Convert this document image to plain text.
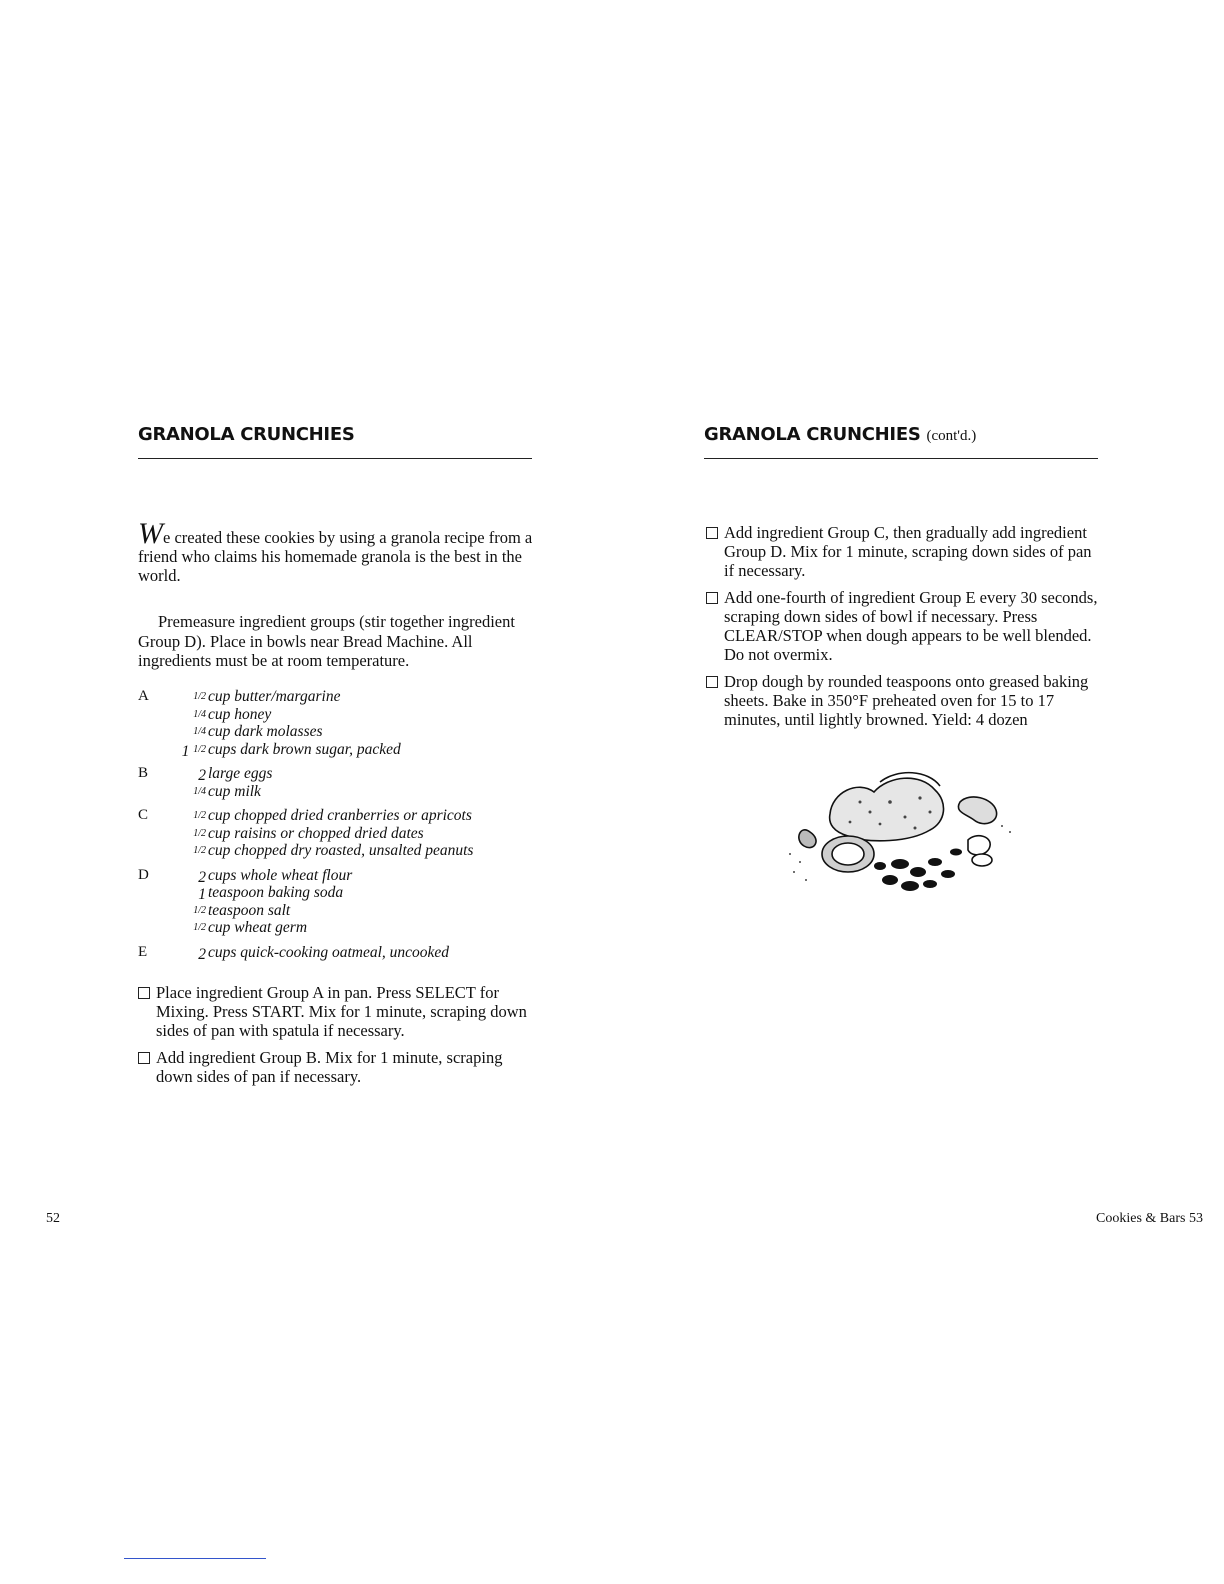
GRANOLA CRUNCHIES
We created these cookies by using a granola recipe from a friend who claims his homemade granola is the best in the world.
Premeasure ingredient groups (stir together ingredient Group D). Place in bowls near Bread Machine. All ingredients must be at room temperature.
A	$^{1/2}$ cup butter/margarine
$^{1/4}$ cup honey
$^{1/4}$ cup dark molasses
1 $^{1/2}$ cups dark brown sugar, packed
B	2 large eggs
$^{1/4}$ cup milk
C	$^{1/2}$ cup chopped dried cranberries or apricots
$^{1/2}$ cup raisins or chopped dried dates
$^{1/2}$ cup chopped dry roasted, unsalted peanuts
D	2 cups whole wheat flour
1 teaspoon baking soda
$^{1/2}$ teaspoon salt
$^{1/2}$ cup wheat germ
E	2 cups quick-cooking oatmeal, uncooked
Place ingredient Group A in pan. Press SELECT for Mixing. Press START. Mix for 1 minute, scraping down sides of pan with spatula if necessary.
Add ingredient Group B. Mix for 1 minute, scraping down sides of pan if necessary.
GRANOLA CRUNCHIES (cont'd.)
Add ingredient Group C, then gradually add ingredient Group D. Mix for 1 minute, scraping down sides of pan if necessary.
Add one-fourth of ingredient Group E every 30 seconds, scraping down sides of bowl if necessary. Press CLEAR/STOP when dough appears to be well blended. Do not overmix.
Drop dough by rounded teaspoons onto greased baking sheets. Bake in 350°F preheated oven for 15 to 17 minutes, until lightly browned. Yield: 4 dozen
52	Cookies & Bars 53
